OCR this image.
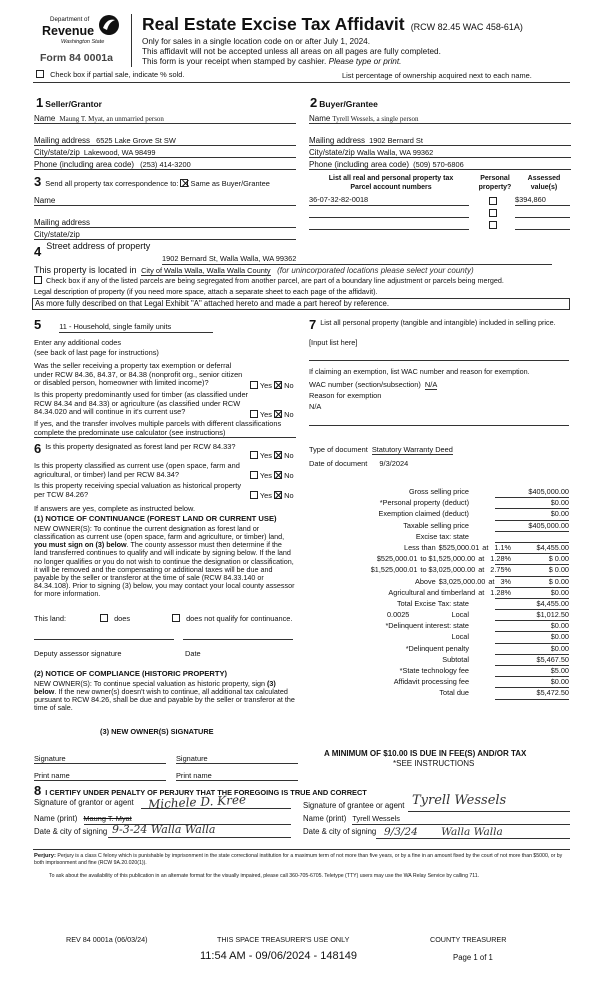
Department of
Revenue
Washington State
Form 84 0001a
Real Estate Excise Tax Affidavit (RCW 82.45 WAC 458-61A)
Only for sales in a single location code on or after July 1, 2024.
This affidavit will not be accepted unless all areas on all pages are fully completed.
This form is your receipt when stamped by cashier. Please type or print.
Check box if partial sale, indicate % sold.	List percentage of ownership acquired next to each name.
1 Seller/Grantor
Name Maung T. Myat, an unmarried person
Mailing address 6525 Lake Grove St SW
City/state/zip Lakewood, WA 98499
Phone (including area code) (253) 414-3200
2 Buyer/Grantee
Name Tyrell Wessels, a single person
Mailing address 1902 Bernard St
City/state/zip Walla Walla, WA 99362
Phone (including area code) (509) 570-6806
3 Send all property tax correspondence to: Same as Buyer/Grantee
Name
Mailing address
City/state/zip
List all real and personal property tax
Parcel account numbers
Personal property?
Assessed value(s)
36-07-32-82-0018	$394,860
4 Street address of property
1902 Bernard St, Walla Walla, WA 99362
This property is located in City of Walla Walla, Walla Walla County (for unincorporated locations please select your county)
Check box if any of the listed parcels are being segregated from another parcel, are part of a boundary line adjustment or parcels being merged.
Legal description of property (if you need more space, attach a separate sheet to each page of the affidavit).
As more fully described on that Legal Exhibit "A" attached hereto and made a part hereof by reference.
5 11 - Household, single family units
Enter any additional codes
(see back of last page for instructions)
Was the seller receiving a property tax exemption or deferral under RCW 84.36, 84.37, or 84.38 (nonprofit org., senior citizen or disabled person, homeowner with limited income)?	Yes No
Is this property predominantly used for timber (as classified under RCW 84.34 and 84.33) or agriculture (as classified under RCW 84.34.020 and will continue in it's current use?	Yes No
If yes, and the transfer involves multiple parcels with different classifications complete the predominate use calculator (see instructions)
6 Is this property designated as forest land per RCW 84.33?
Yes No
Is this property classified as current use (open space, farm and agricultural, or timber) land per RCW 84.34?	Yes No
Is this property receiving special valuation as historical property per TCW 84.26?	Yes No
If answers are yes, complete as instructed below.
(1) NOTICE OF CONTINUANCE (FOREST LAND OR CURRENT USE)
NEW OWNER(S): To continue the current designation as forest land or classification as current use (open space, farm and agriculture, or timber) land, you must sign on (3) below. The county assessor must then determine if the land transferred continues to qualify and will indicate by signing below. If the land no longer qualifies or you do not wish to continue the designation or classification, it will be removed and the compensating or additional taxes will be due and payable by the seller or transferor at the time of sale (RCW 84.33.140 or 84.34.108). Prior to signing (3) below, you may contact your local county assessor for more information.
This land:	does	does not qualify for continuance.
Deputy assessor signature	Date
(2) NOTICE OF COMPLIANCE (HISTORIC PROPERTY)
NEW OWNER(S): To continue special valuation as historic property, sign (3) below. If the new owner(s) doesn't wish to continue, all additional tax calculated pursuant to RCW 84.26, shall be due and payable by the seller or transferor at the time of sale.
(3) NEW OWNER(S) SIGNATURE
Signature	Signature
Print name	Print name
7 List all personal property (tangible and intangible) included in selling price.
[Input list here]
If claiming an exemption, list WAC number and reason for exemption.
WAC number (section/subsection) N/A
Reason for exemption
N/A
Type of document Statutory Warranty Deed
Date of document 9/3/2024
Gross selling price	$405,000.00
*Personal property (deduct)	$0.00
Exemption claimed (deduct)	$0.00
Taxable selling price	$405,000.00
Excise tax: state
Less than $525,000.01 at 1.1%	$4,455.00
$525,000.01 to $1,525,000.00 at 1.28%	$ 0.00
$1,525,000.01 to $3,025,000.00 at 2.75%	$ 0.00
Above $3,025,000.00 at 3%	$ 0.00
Agricultural and timberland at 1.28%	$0.00
Total Excise Tax: state	$4,455.00
0.0025	Local	$1,012.50
*Delinquent interest: state	$0.00
Local	$0.00
*Delinquent penalty	$0.00
Subtotal	$5,467.50
*State technology fee	$5.00
Affidavit processing fee	$0.00
Total due	$5,472.50
A MINIMUM OF $10.00 IS DUE IN FEE(S) AND/OR TAX
*SEE INSTRUCTIONS
8 I CERTIFY UNDER PENALTY OF PERJURY THAT THE FOREGOING IS TRUE AND CORRECT
Signature of grantor or agent Michele D. Kree
Name (print) Maung T. Myat
Date & city of signing 9-3-24 Walla Walla
Signature of grantee or agent Tyrell Wessels
Name (print) Tyrell Wessels
Date & city of signing 9/3/24       Walla Walla
Perjury: Perjury is a class C felony which is punishable by imprisonment in the state correctional institution for a maximum term of not more than five years, or by a fine in an amount fixed by the court of not more than $5000, or by both imprisonment and fine (RCW 9A.20.020(1)).
To ask about the availability of this publication in an alternate format for the visually impaired, please call 360-705-6705. Teletype (TTY) users may use the WA Relay Service by calling 711.
REV 84 0001a (06/03/24)	THIS SPACE TREASURER'S USE ONLY	COUNTY TREASURER
11:54 AM - 09/06/2024 - 148149	Page 1 of 1
